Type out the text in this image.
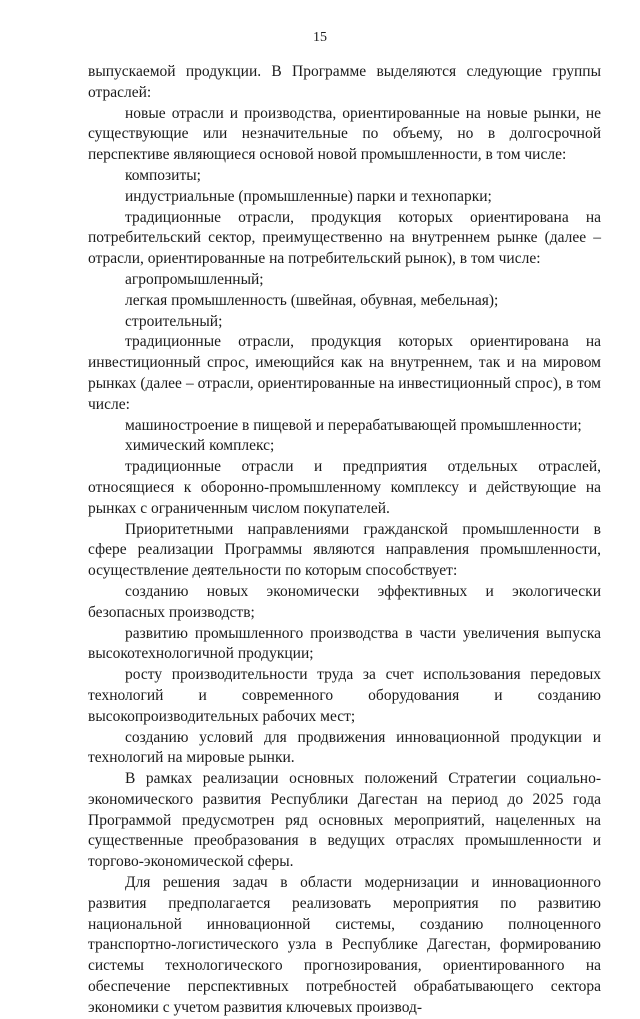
15

выпускаемой продукции. В Программе выделяются следующие группы отраслей:

новые отрасли и производства, ориентированные на новые рынки, не существующие или незначительные по объему, но в долгосрочной перспективе являющиеся основой новой промышленности, в том числе:

композиты;

индустриальные (промышленные) парки и технопарки;

традиционные отрасли, продукция которых ориентирована на потребительский сектор, преимущественно на внутреннем рынке (далее – отрасли, ориентированные на потребительский рынок), в том числе:

агропромышленный;

легкая промышленность (швейная, обувная, мебельная);

строительный;

традиционные отрасли, продукция которых ориентирована на инвестиционный спрос, имеющийся как на внутреннем, так и на мировом рынках (далее – отрасли, ориентированные на инвестиционный спрос), в том числе:

машиностроение в пищевой и перерабатывающей промышленности;

химический комплекс;

традиционные отрасли и предприятия отдельных отраслей, относящиеся к оборонно-промышленному комплексу и действующие на рынках с ограниченным числом покупателей.

Приоритетными направлениями гражданской промышленности в сфере реализации Программы являются направления промышленности, осуществление деятельности по которым способствует:

созданию новых экономически эффективных и экологически безопасных производств;

развитию промышленного производства в части увеличения выпуска высокотехнологичной продукции;

росту производительности труда за счет использования передовых технологий и современного оборудования и созданию высокопроизводительных рабочих мест;

созданию условий для продвижения инновационной продукции и технологий на мировые рынки.

В рамках реализации основных положений Стратегии социально-экономического развития Республики Дагестан на период до 2025 года Программой предусмотрен ряд основных мероприятий, нацеленных на существенные преобразования в ведущих отраслях промышленности и торгово-экономической сферы.

Для решения задач в области модернизации и инновационного развития предполагается реализовать мероприятия по развитию национальной инновационной системы, созданию полноценного транспортно-логистического узла в Республике Дагестан, формированию системы технологического прогнозирования, ориентированного на обеспечение перспективных потребностей обрабатывающего сектора экономики с учетом развития ключевых производ-
